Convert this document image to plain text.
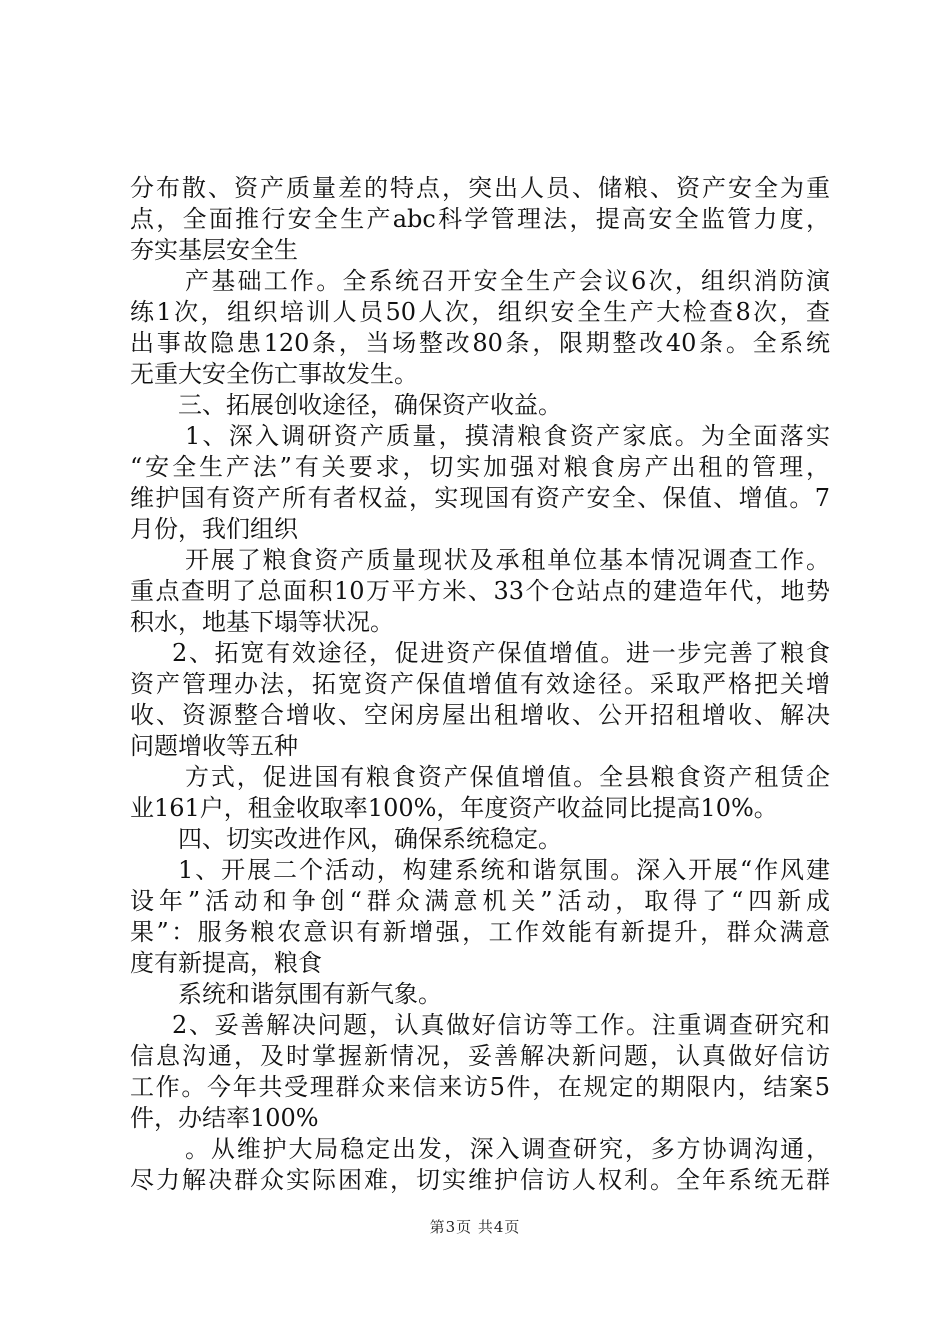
分布散、资产质量差的特点，突出人员、储粮、资产安全为重
点，全面推行安全生产abc科学管理法，提高安全监管力度，
夯实基层安全生
产基础工作。全系统召开安全生产会议6次，组织消防演
练1次，组织培训人员50人次，组织安全生产大检查8次，查
出事故隐患120条，当场整改80条，限期整改40条。全系统
无重大安全伤亡事故发生。
三、拓展创收途径，确保资产收益。
1、深入调研资产质量，摸清粮食资产家底。为全面落实
“安全生产法”有关要求，切实加强对粮食房产出租的管理，
维护国有资产所有者权益，实现国有资产安全、保值、增值。7
月份，我们组织
开展了粮食资产质量现状及承租单位基本情况调查工作。
重点查明了总面积10万平方米、33个仓站点的建造年代，地势
积水，地基下塌等状况。
2、拓宽有效途径，促进资产保值增值。进一步完善了粮食
资产管理办法，拓宽资产保值增值有效途径。采取严格把关增
收、资源整合增收、空闲房屋出租增收、公开招租增收、解决
问题增收等五种
方式，促进国有粮食资产保值增值。全县粮食资产租赁企
业161户，租金收取率100%，年度资产收益同比提高10%。
四、切实改进作风，确保系统稳定。
1、开展二个活动，构建系统和谐氛围。深入开展“作风建
设年”活动和争创“群众满意机关”活动，取得了“四新成
果”：服务粮农意识有新增强，工作效能有新提升，群众满意
度有新提高，粮食
系统和谐氛围有新气象。
2、妥善解决问题，认真做好信访等工作。注重调查研究和
信息沟通，及时掌握新情况，妥善解决新问题，认真做好信访
工作。今年共受理群众来信来访5件，在规定的期限内，结案5
件，办结率100%
。从维护大局稳定出发，深入调查研究，多方协调沟通，
尽力解决群众实际困难，切实维护信访人权利。全年系统无群
第3页 共4页
